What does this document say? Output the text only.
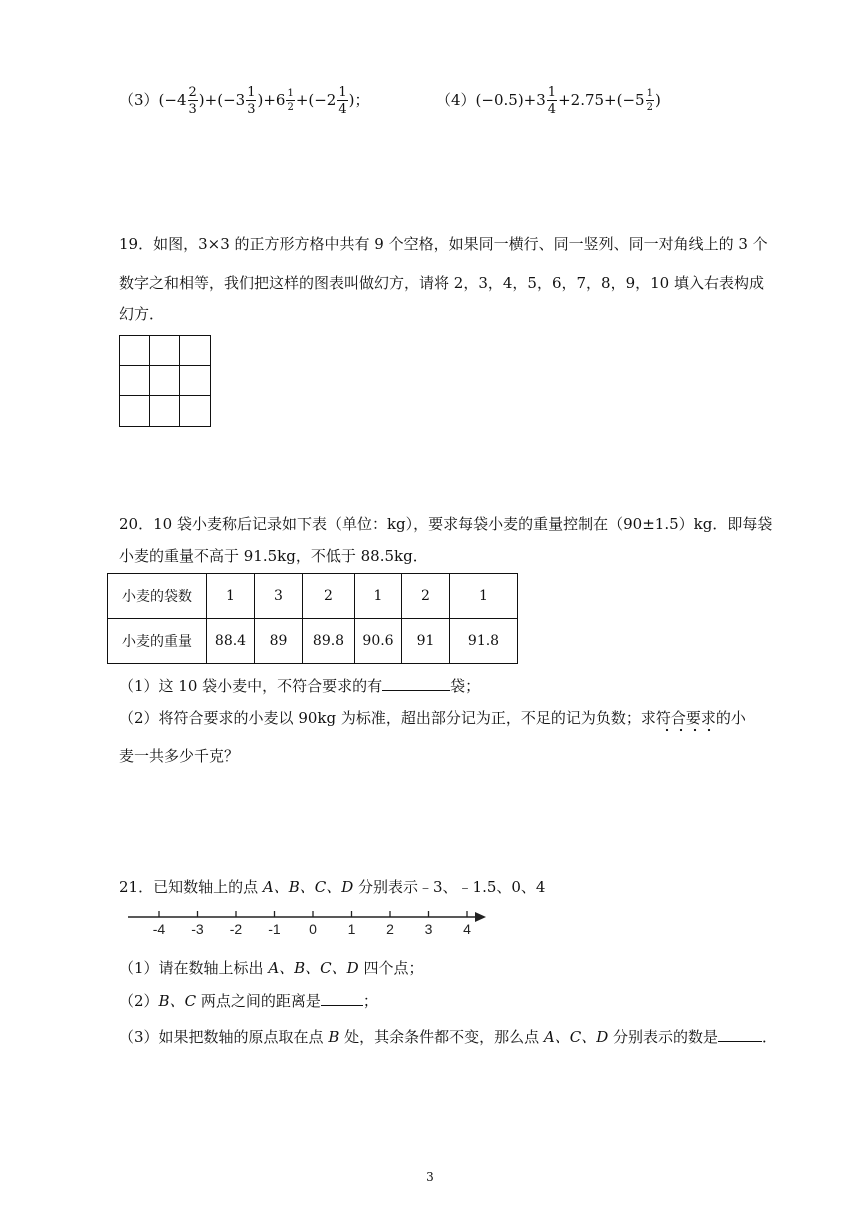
$(3)(-4 \frac{2}{3} )+(-3 \frac{1}{3} )+6 \frac{1}{2} +(-2 \frac{1}{4}$ )；	$(4)(-0.5)+3 \frac{1}{4} +2.75+(-5 \frac{1}{2}$ )
19．如图，3×3 的正方形方格中共有 9 个空格，如果同一横行、同一竖列、同一对角线上的 3 个
数字之和相等，我们把这样的图表叫做幻方，请将 2，3，4，5，6，7，8，9，10 填入右表构成
幻方．
20．10 袋小麦称后记录如下表（单位：kg），要求每袋小麦的重量控制在（90±1.5）kg．即每袋
小麦的重量不高于 91.5kg，不低于 88.5kg．
小麦的袋数	1	3	2	1	2	1
小麦的重量	88.4	89	89.8	90.6	91	91.8
（1）这 10 袋小麦中，不符合要求的有	袋；
（2）将符合要求的小麦以 90kg 为标准，超出部分记为正，不足的记为负数；求符合要求的小
麦一共多少千克？
21．已知数轴上的点 A、B、C、D 分别表示﹣3、﹣1.5、0、4
-4 -3 -2 -1 0 1 2 3 4
（1）请在数轴上标出 A、B、C、D 四个点；
（2）B、C 两点之间的距离是	；
（3）如果把数轴的原点取在点 B 处，其余条件都不变，那么点 A、C、D 分别表示的数是	．
3
